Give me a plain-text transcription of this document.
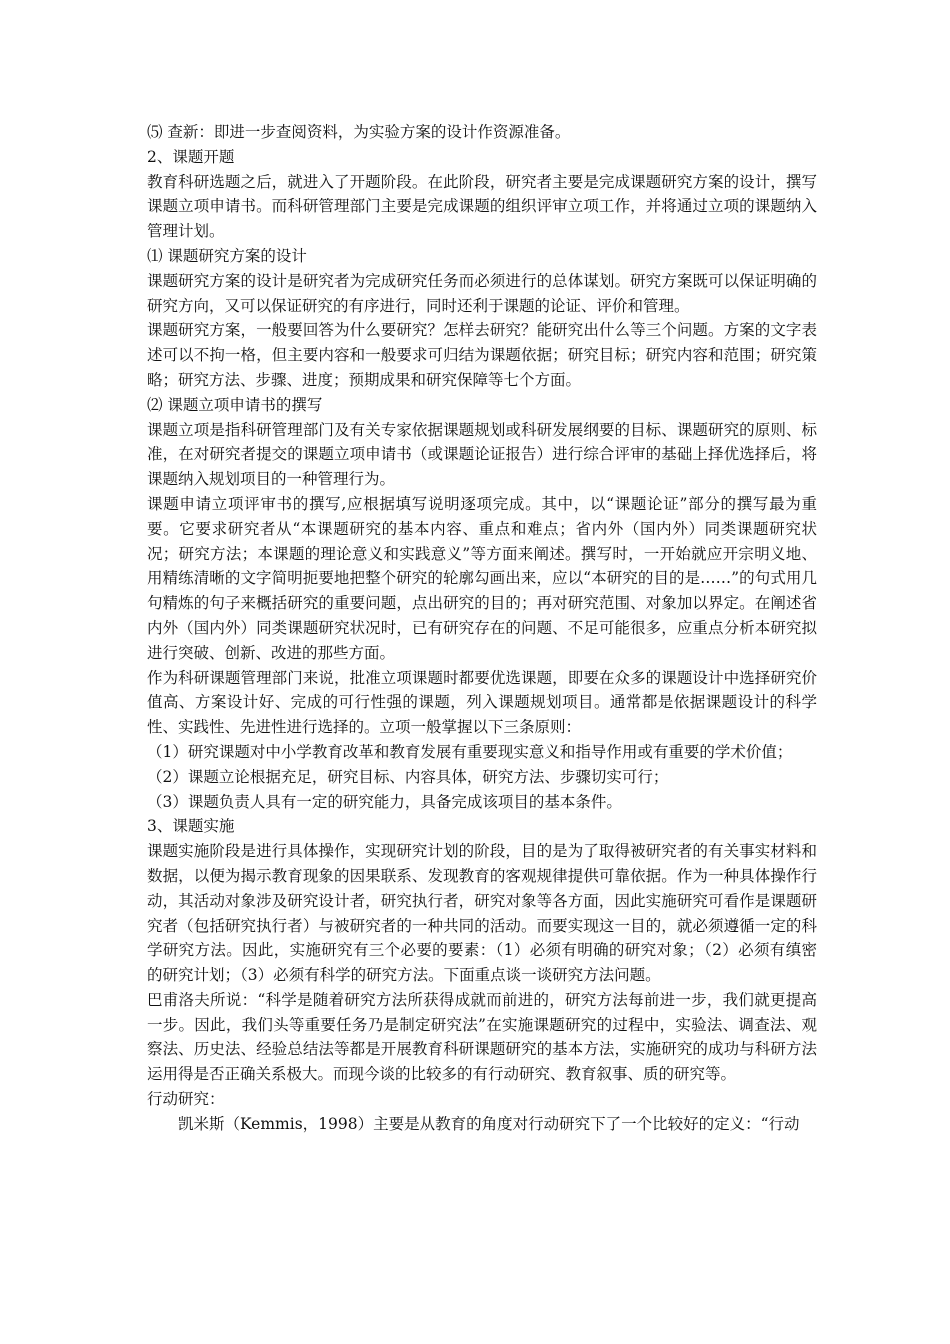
⑸ 查新：即进一步查阅资料，为实验方案的设计作资源准备。

2、课题开题

教育科研选题之后，就进入了开题阶段。在此阶段，研究者主要是完成课题研究方案的设计，撰写课题立项申请书。而科研管理部门主要是完成课题的组织评审立项工作，并将通过立项的课题纳入管理计划。

⑴ 课题研究方案的设计

课题研究方案的设计是研究者为完成研究任务而必须进行的总体谋划。研究方案既可以保证明确的研究方向，又可以保证研究的有序进行，同时还利于课题的论证、评价和管理。

课题研究方案，一般要回答为什么要研究？怎样去研究？能研究出什么等三个问题。方案的文字表述可以不拘一格，但主要内容和一般要求可归结为课题依据；研究目标；研究内容和范围；研究策略；研究方法、步骤、进度；预期成果和研究保障等七个方面。

⑵ 课题立项申请书的撰写

课题立项是指科研管理部门及有关专家依据课题规划或科研发展纲要的目标、课题研究的原则、标准，在对研究者提交的课题立项申请书（或课题论证报告）进行综合评审的基础上择优选择后，将课题纳入规划项目的一种管理行为。

课题申请立项评审书的撰写,应根据填写说明逐项完成。其中，以“课题论证”部分的撰写最为重要。它要求研究者从“本课题研究的基本内容、重点和难点；省内外（国内外）同类课题研究状况；研究方法；本课题的理论意义和实践意义”等方面来阐述。撰写时，一开始就应开宗明义地、用精练清晰的文字简明扼要地把整个研究的轮廓勾画出来，应以“本研究的目的是……”的句式用几句精炼的句子来概括研究的重要问题，点出研究的目的；再对研究范围、对象加以界定。在阐述省内外（国内外）同类课题研究状况时，已有研究存在的问题、不足可能很多，应重点分析本研究拟进行突破、创新、改进的那些方面。

作为科研课题管理部门来说，批准立项课题时都要优选课题，即要在众多的课题设计中选择研究价值高、方案设计好、完成的可行性强的课题，列入课题规划项目。通常都是依据课题设计的科学性、实践性、先进性进行选择的。立项一般掌握以下三条原则：

（1）研究课题对中小学教育改革和教育发展有重要现实意义和指导作用或有重要的学术价值；

（2）课题立论根据充足，研究目标、内容具体，研究方法、步骤切实可行；

（3）课题负责人具有一定的研究能力，具备完成该项目的基本条件。

3、课题实施

课题实施阶段是进行具体操作，实现研究计划的阶段，目的是为了取得被研究者的有关事实材料和数据，以便为揭示教育现象的因果联系、发现教育的客观规律提供可靠依据。作为一种具体操作行动，其活动对象涉及研究设计者，研究执行者，研究对象等各方面，因此实施研究可看作是课题研究者（包括研究执行者）与被研究者的一种共同的活动。而要实现这一目的，就必须遵循一定的科学研究方法。因此，实施研究有三个必要的要素：（1）必须有明确的研究对象；（2）必须有缜密的研究计划；（3）必须有科学的研究方法。下面重点谈一谈研究方法问题。

巴甫洛夫所说：“科学是随着研究方法所获得成就而前进的，研究方法每前进一步，我们就更提高一步。因此，我们头等重要任务乃是制定研究法”在实施课题研究的过程中，实验法、调查法、观察法、历史法、经验总结法等都是开展教育科研课题研究的基本方法，实施研究的成功与科研方法运用得是否正确关系极大。而现今谈的比较多的有行动研究、教育叙事、质的研究等。

行动研究：

凯米斯（Kemmis，1998）主要是从教育的角度对行动研究下了一个比较好的定义：“行动
